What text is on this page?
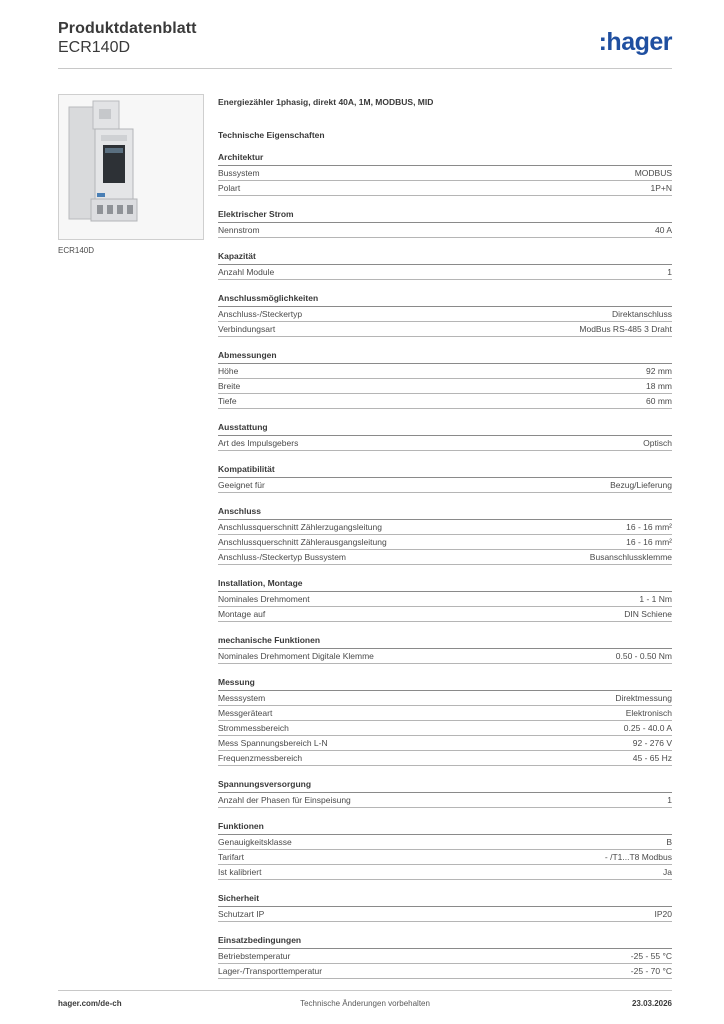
Produktdatenblatt
ECR140D	:hager
ECR140D
Energiezähler 1phasig, direkt 40A, 1M, MODBUS, MID
Technische Eigenschaften
Architektur
Bussystem	MODBUS
Polart	1P+N
Elektrischer Strom
Nennstrom	40 A
Kapazität
Anzahl Module	1
Anschlussmöglichkeiten
Anschluss-/Steckertyp	Direktanschluss
Verbindungsart	ModBus RS-485 3 Draht
Abmessungen
Höhe	92 mm
Breite	18 mm
Tiefe	60 mm
Ausstattung
Art des Impulsgebers	Optisch
Kompatibilität
Geeignet für	Bezug/Lieferung
Anschluss
Anschlussquerschnitt Zählerzugangsleitung	16 - 16 mm²
Anschlussquerschnitt Zählerausgangsleitung	16 - 16 mm²
Anschluss-/Steckertyp Bussystem	Busanschlussklemme
Installation, Montage
Nominales Drehmoment	1 - 1 Nm
Montage auf	DIN Schiene
mechanische Funktionen
Nominales Drehmoment Digitale Klemme	0.50 - 0.50 Nm
Messung
Messsystem	Direktmessung
Messgeräteart	Elektronisch
Strommessbereich	0.25 - 40.0 A
Mess Spannungsbereich L-N	92 - 276 V
Frequenzmessbereich	45 - 65 Hz
Spannungsversorgung
Anzahl der Phasen für Einspeisung	1
Funktionen
Genauigkeitsklasse	B
Tarifart	- /T1...T8 Modbus
Ist kalibriert	Ja
Sicherheit
Schutzart IP	IP20
Einsatzbedingungen
Betriebstemperatur	-25 - 55 °C
Lager-/Transporttemperatur	-25 - 70 °C
hager.com/de-ch	Technische Änderungen vorbehalten	23.03.2026
